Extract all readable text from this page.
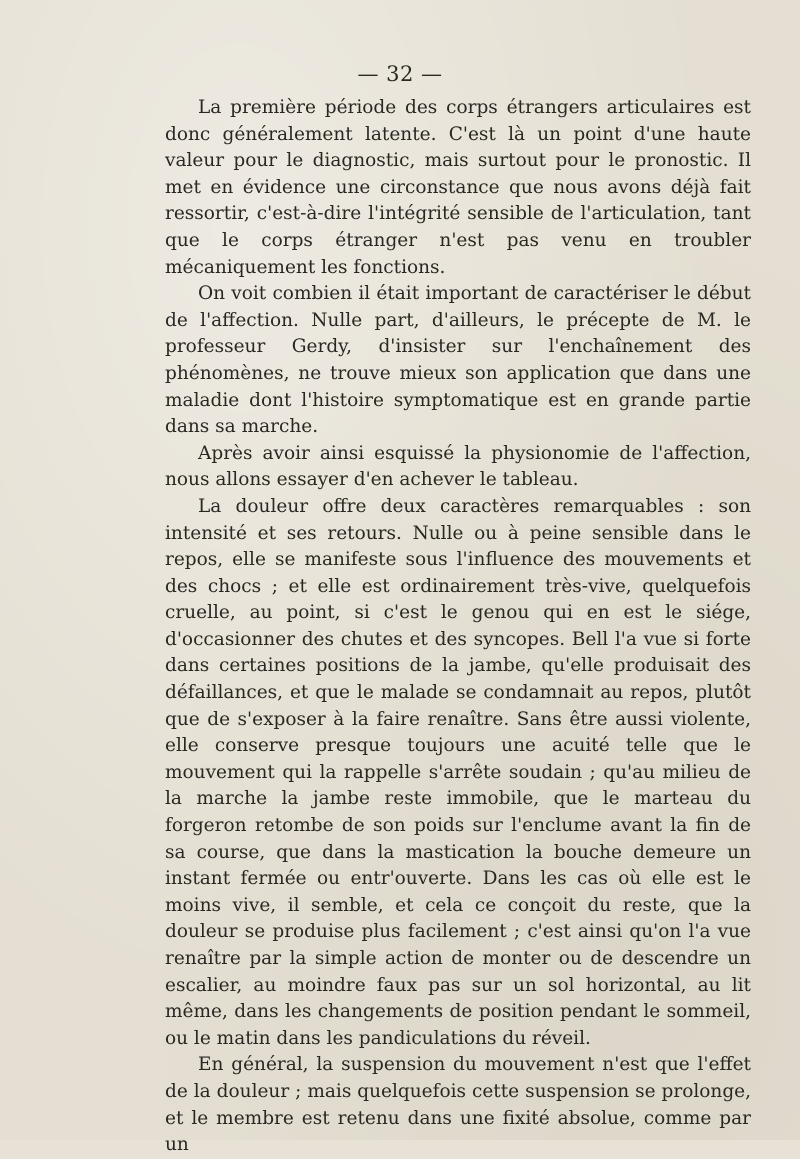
— 32 —

La première période des corps étrangers articulaires est donc généralement latente. C'est là un point d'une haute valeur pour le diagnostic, mais surtout pour le pronostic. Il met en évidence une circonstance que nous avons déjà fait ressortir, c'est-à-dire l'intégrité sensible de l'articulation, tant que le corps étranger n'est pas venu en troubler mécaniquement les fonctions.

On voit combien il était important de caractériser le début de l'affection. Nulle part, d'ailleurs, le précepte de M. le professeur Gerdy, d'insister sur l'enchaînement des phénomènes, ne trouve mieux son application que dans une maladie dont l'histoire symptomatique est en grande partie dans sa marche.

Après avoir ainsi esquissé la physionomie de l'affection, nous allons essayer d'en achever le tableau.

La douleur offre deux caractères remarquables : son intensité et ses retours. Nulle ou à peine sensible dans le repos, elle se manifeste sous l'influence des mouvements et des chocs ; et elle est ordinairement très-vive, quelquefois cruelle, au point, si c'est le genou qui en est le siége, d'occasionner des chutes et des syncopes. Bell l'a vue si forte dans certaines positions de la jambe, qu'elle produisait des défaillances, et que le malade se condamnait au repos, plutôt que de s'exposer à la faire renaître. Sans être aussi violente, elle conserve presque toujours une acuité telle que le mouvement qui la rappelle s'arrête soudain ; qu'au milieu de la marche la jambe reste immobile, que le marteau du forgeron retombe de son poids sur l'enclume avant la fin de sa course, que dans la mastication la bouche demeure un instant fermée ou entr'ouverte. Dans les cas où elle est le moins vive, il semble, et cela ce conçoit du reste, que la douleur se produise plus facilement ; c'est ainsi qu'on l'a vue renaître par la simple action de monter ou de descendre un escalier, au moindre faux pas sur un sol horizontal, au lit même, dans les changements de position pendant le sommeil, ou le matin dans les pandiculations du réveil.

En général, la suspension du mouvement n'est que l'effet de la douleur ; mais quelquefois cette suspension se prolonge, et le membre est retenu dans une fixité absolue, comme par un
